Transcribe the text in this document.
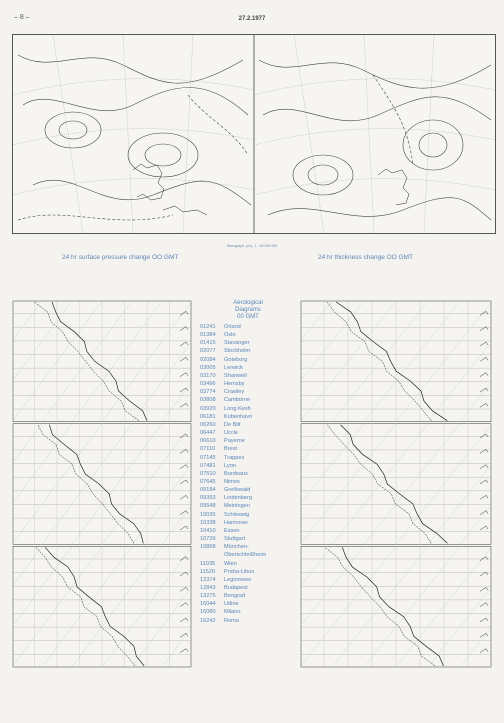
– 8 –	27.2.1977
Sterograph. proj., 1 : 60 000 000
24 hr surface pressure change OO GMT	24 hr thickness change OO GMT
Aerological
Diagrams
00 GMT
01241	Orland
01384	Oslo
01415	Stavanger
02077	Stockholm
02084	Goteborg
03005	Lerwick
03170	Shanwell
03496	Hemsby
03774	Crawley
03808	Camborne
03920	Long Kesh
06181	Kobenhavn
06260	De Bilt
06447	Uccle
06610	Payerne
07110	Brest
07145	Trappes
07481	Lyon
07510	Bordeaux
07645	Nimes
09184	Greifswald
09393	Lindenberg
09548	Meiningen
10035	Schleswig
10338	Hannover
10410	Essen
10739	Stuttgart
10868	München-
Oberschleißheim
11035	Wien
11520	Praha-Libus
12374	Legionowo
12843	Budapest
13275	Beograd
16044	Udine
16080	Milano
16242	Roma
